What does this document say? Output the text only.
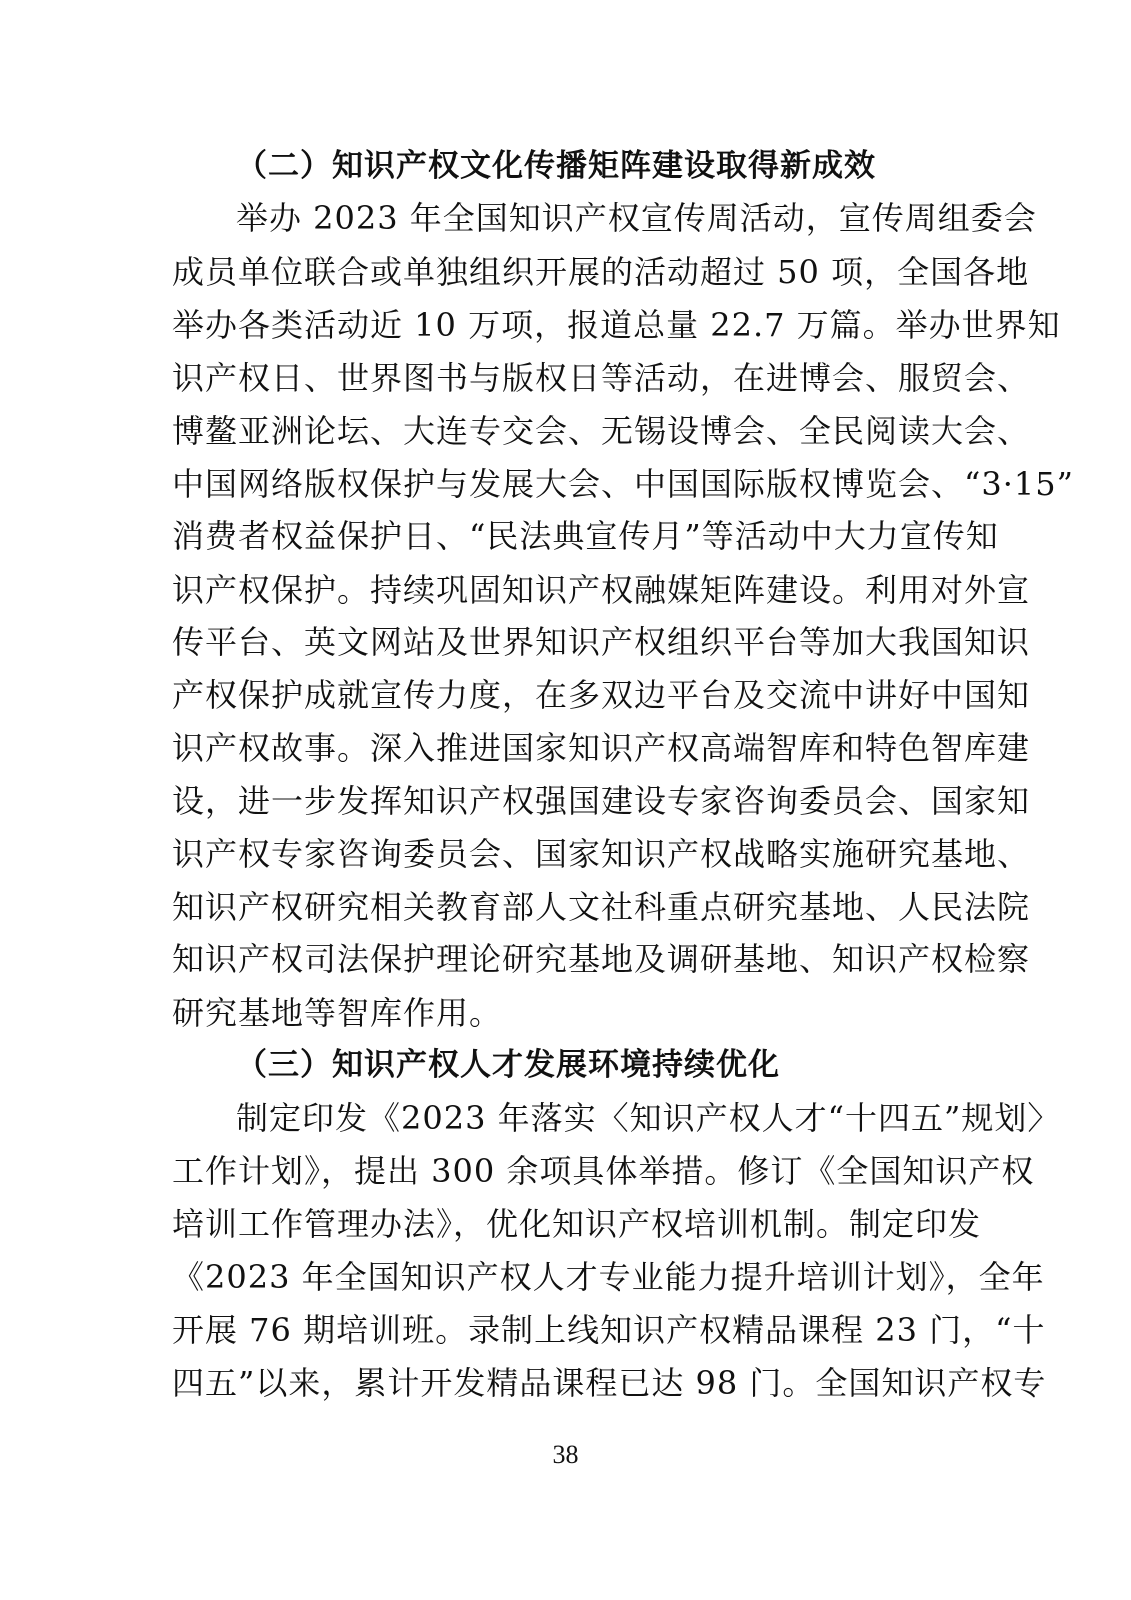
（二）知识产权文化传播矩阵建设取得新成效
举办 2023 年全国知识产权宣传周活动，宣传周组委会
成员单位联合或单独组织开展的活动超过 50 项，全国各地
举办各类活动近 10 万项，报道总量 22.7 万篇。举办世界知
识产权日、世界图书与版权日等活动，在进博会、服贸会、
博鳌亚洲论坛、大连专交会、无锡设博会、全民阅读大会、
中国网络版权保护与发展大会、中国国际版权博览会、“3·15”
消费者权益保护日、“民法典宣传月”等活动中大力宣传知
识产权保护。持续巩固知识产权融媒矩阵建设。利用对外宣
传平台、英文网站及世界知识产权组织平台等加大我国知识
产权保护成就宣传力度，在多双边平台及交流中讲好中国知
识产权故事。深入推进国家知识产权高端智库和特色智库建
设，进一步发挥知识产权强国建设专家咨询委员会、国家知
识产权专家咨询委员会、国家知识产权战略实施研究基地、
知识产权研究相关教育部人文社科重点研究基地、人民法院
知识产权司法保护理论研究基地及调研基地、知识产权检察
研究基地等智库作用。
（三）知识产权人才发展环境持续优化
制定印发《2023 年落实〈知识产权人才“十四五”规划〉
工作计划》，提出 300 余项具体举措。修订《全国知识产权
培训工作管理办法》，优化知识产权培训机制。制定印发
《2023 年全国知识产权人才专业能力提升培训计划》，全年
开展 76 期培训班。录制上线知识产权精品课程 23 门，“十
四五”以来，累计开发精品课程已达 98 门。全国知识产权专
38
